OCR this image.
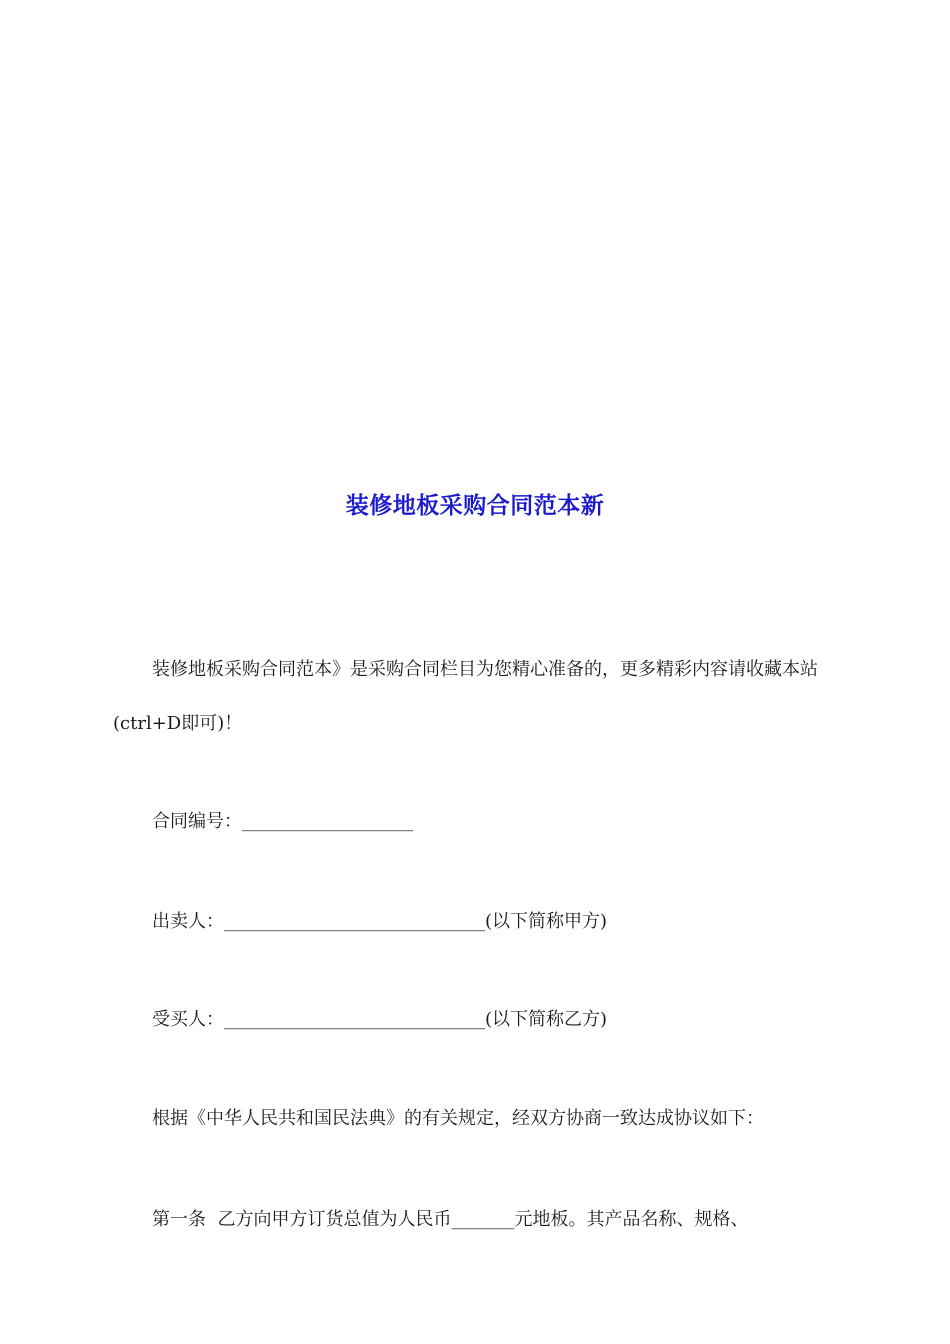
装修地板采购合同范本新
装修地板采购合同范本》是采购合同栏目为您精心准备的，更多精彩内容请收藏本站(ctrl+D即可)！
合同编号：___________________
出卖人：_____________________________(以下简称甲方)
受买人：_____________________________(以下简称乙方)
根据《中华人民共和国民法典》的有关规定，经双方协商一致达成协议如下：
第一条  乙方向甲方订货总值为人民币_______元地板。其产品名称、规格、
